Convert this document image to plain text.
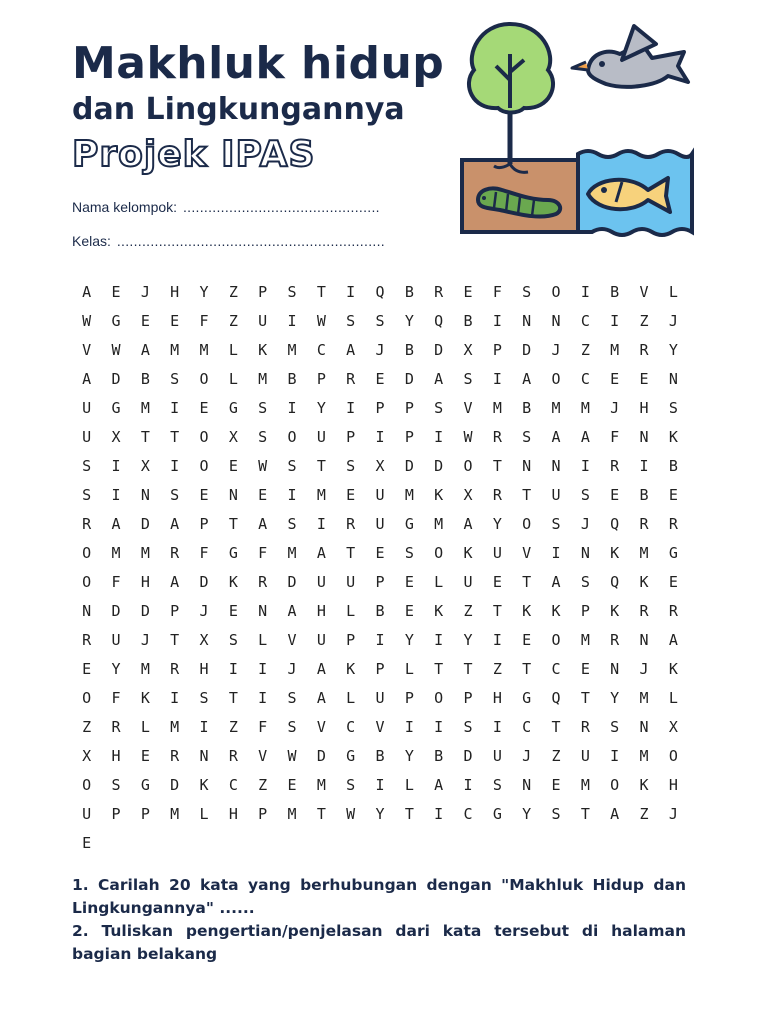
Makhluk hidup
dan Lingkungannya
Projek IPAS
Nama kelompok: ...............................................
Kelas: ................................................................
A	E	J	H	Y	Z	P	S	T	I	Q	B	R	E	F	S	O	I	B	V	L
W	G	E	E	F	Z	U	I	W	S	S	Y	Q	B	I	N	N	C	I	Z	J
V	W	A	M	M	L	K	M	C	A	J	B	D	X	P	D	J	Z	M	R	Y
A	D	B	S	O	L	M	B	P	R	E	D	A	S	I	A	O	C	E	E	N
U	G	M	I	E	G	S	I	Y	I	P	P	S	V	M	B	M	M	J	H	S
U	X	T	T	O	X	S	O	U	P	I	P	I	W	R	S	A	A	F	N	K
S	I	X	I	O	E	W	S	T	S	X	D	D	O	T	N	N	I	R	I	B
S	I	N	S	E	N	E	I	M	E	U	M	K	X	R	T	U	S	E	B	E
R	A	D	A	P	T	A	S	I	R	U	G	M	A	Y	O	S	J	Q	R	R
O	M	M	R	F	G	F	M	A	T	E	S	O	K	U	V	I	N	K	M	G
O	F	H	A	D	K	R	D	U	U	P	E	L	U	E	T	A	S	Q	K	E
N	D	D	P	J	E	N	A	H	L	B	E	K	Z	T	K	K	P	K	R	R
R	U	J	T	X	S	L	V	U	P	I	Y	I	Y	I	E	O	M	R	N	A
E	Y	M	R	H	I	I	J	A	K	P	L	T	T	Z	T	C	E	N	J	K
O	F	K	I	S	T	I	S	A	L	U	P	O	P	H	G	Q	T	Y	M	L
Z	R	L	M	I	Z	F	S	V	C	V	I	I	S	I	C	T	R	S	N	X
X	H	E	R	N	R	V	W	D	G	B	Y	B	D	U	J	Z	U	I	M	O
O	S	G	D	K	C	Z	E	M	S	I	L	A	I	S	N	E	M	O	K	H
U	P	P	M	L	H	P	M	T	W	Y	T	I	C	G	Y	S	T	A	Z	J
E
1. Carilah 20 kata yang berhubungan dengan "Makhluk Hidup dan Lingkungannya" ......
2. Tuliskan pengertian/penjelasan dari kata tersebut di halaman bagian belakang
